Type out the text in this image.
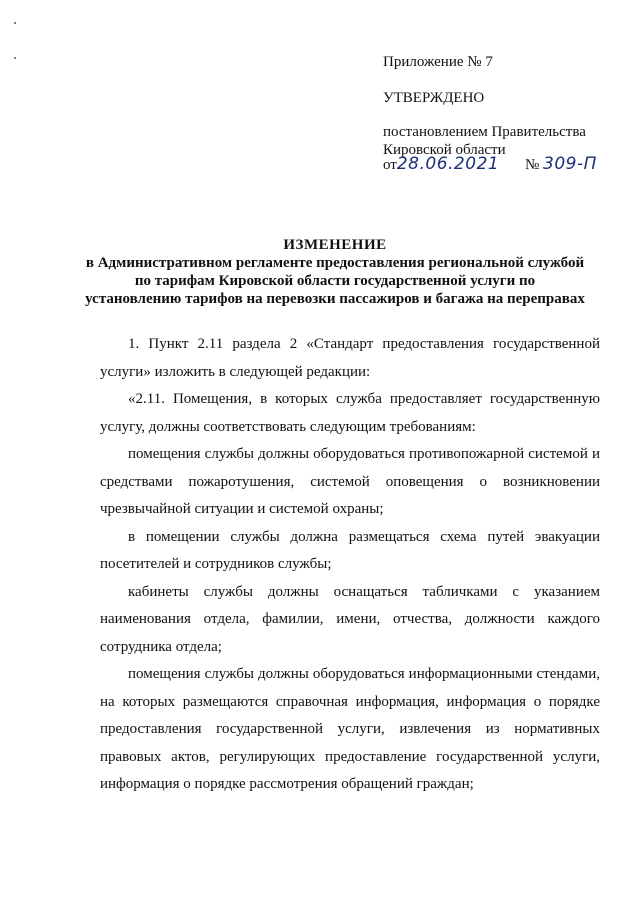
Приложение № 7
УТВЕРЖДЕНО
постановлением Правительства
Кировской области
от28.06.2021 № 309-П
ИЗМЕНЕНИЕ
в Административном регламенте предоставления региональной службой
по тарифам Кировской области государственной услуги по
установлению тарифов на перевозки пассажиров и багажа на переправах

1. Пункт 2.11 раздела 2 «Стандарт предоставления государственной услуги» изложить в следующей редакции:

«2.11. Помещения, в которых служба предоставляет государственную услугу, должны соответствовать следующим требованиям:

помещения службы должны оборудоваться противопожарной системой и средствами пожаротушения, системой оповещения о возникновении чрезвычайной ситуации и системой охраны;

в помещении службы должна размещаться схема путей эвакуации посетителей и сотрудников службы;

кабинеты службы должны оснащаться табличками с указанием наименования отдела, фамилии, имени, отчества, должности каждого сотрудника отдела;

помещения службы должны оборудоваться информационными стендами, на которых размещаются справочная информация, информация о порядке предоставления государственной услуги, извлечения из нормативных правовых актов, регулирующих предоставление государственной услуги, информация о порядке рассмотрения обращений граждан;
